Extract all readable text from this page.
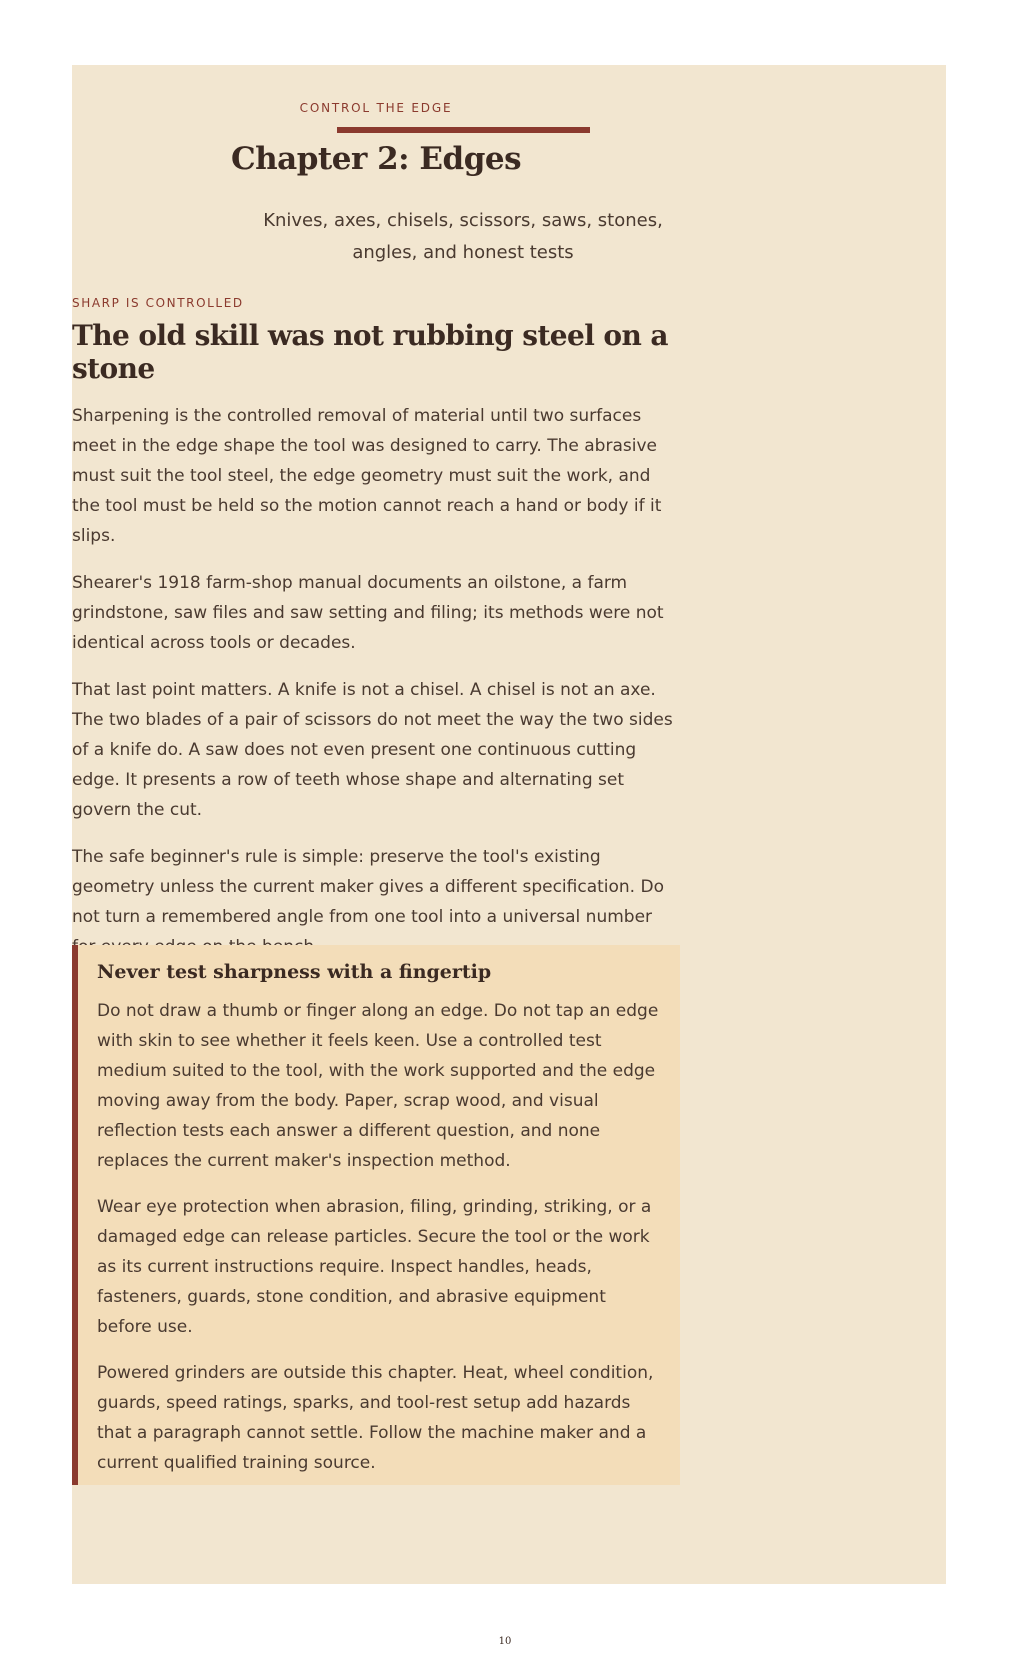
CONTROL THE EDGE
Chapter 2: Edges

Knives, axes, chisels, scissors, saws, stones, angles, and honest tests

SHARP IS CONTROLLED
The old skill was not rubbing steel on a stone

Sharpening is the controlled removal of material until two surfaces meet in the edge shape the tool was designed to carry. The abrasive must suit the tool steel, the edge geometry must suit the work, and the tool must be held so the motion cannot reach a hand or body if it slips.

Shearer's 1918 farm-shop manual documents an oilstone, a farm grindstone, saw files and saw setting and filing; its methods were not identical across tools or decades.

That last point matters. A knife is not a chisel. A chisel is not an axe. The two blades of a pair of scissors do not meet the way the two sides of a knife do. A saw does not even present one continuous cutting edge. It presents a row of teeth whose shape and alternating set govern the cut.

The safe beginner's rule is simple: preserve the tool's existing geometry unless the current maker gives a different specification. Do not turn a remembered angle from one tool into a universal number

Never test sharpness with a fingertip

Do not draw a thumb or finger along an edge. Do not tap an edge with skin to see whether it feels keen. Use a controlled test medium suited to the tool, with the work supported and the edge moving away from the body. Paper, scrap wood, and visual reflection tests each answer a different question, and none replaces the current maker's inspection method.

Wear eye protection when abrasion, filing, grinding, striking, or a damaged edge can release particles. Secure the tool or the work as its current instructions require. Inspect handles, heads, fasteners, guards, stone condition, and abrasive equipment before use.

Powered grinders are outside this chapter. Heat, wheel condition, guards, speed ratings, sparks, and tool-rest setup add hazards that a paragraph cannot settle. Follow the machine maker and a current qualified training source.

10
